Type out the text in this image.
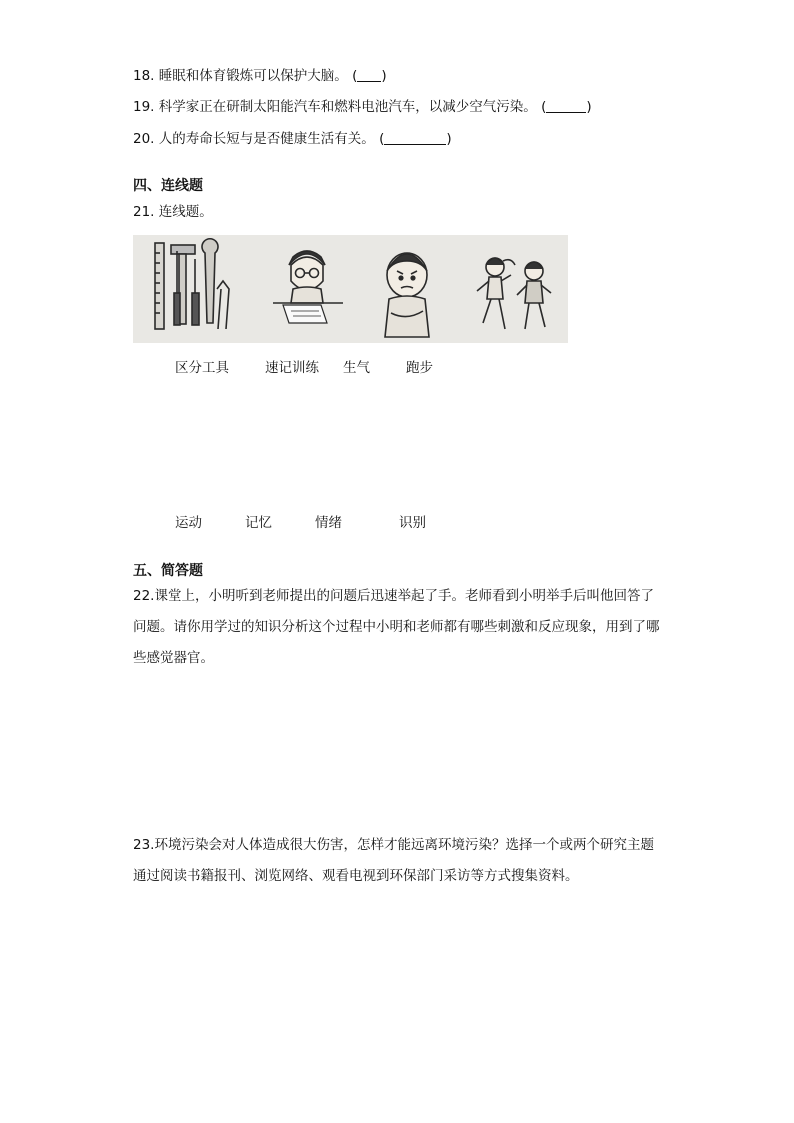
18. 睡眠和体育锻炼可以保护大脑。 ( )
19. 科学家正在研制太阳能汽车和燃料电池汽车，以减少空气污染。 (	)
20. 人的寿命长短与是否健康生活有关。 (	)
四、连线题
21. 连线题。
区分工具	速记训练 生气	跑步
运动	记忆	情绪	识别
五、简答题
22.课堂上，小明听到老师提出的问题后迅速举起了手。老师看到小明举手后叫他回答了问题。请你用学过的知识分析这个过程中小明和老师都有哪些刺激和反应现象，用到了哪些感觉器官。
23.环境污染会对人体造成很大伤害，怎样才能远离环境污染？选择一个或两个研究主题通过阅读书籍报刊、浏览网络、观看电视到环保部门采访等方式搜集资料。
